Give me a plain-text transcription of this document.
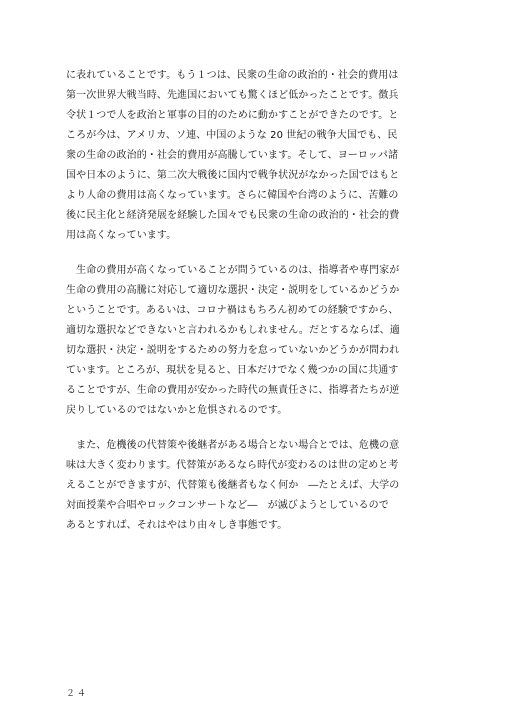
に表れていることです。もう１つは、民衆の生命の政治的・社会的費用は
第一次世界大戦当時、先進国においても驚くほど低かったことです。徴兵
令状１つで人を政治と軍事の目的のために動かすことができたのです。と
ころが今は、アメリカ、ソ連、中国のような 20 世紀の戦争大国でも、民
衆の生命の政治的・社会的費用が高騰しています。そして、ヨーロッパ諸
国や日本のように、第二次大戦後に国内で戦争状況がなかった国ではもと
より人命の費用は高くなっています。さらに韓国や台湾のように、苦難の
後に民主化と経済発展を経験した国々でも民衆の生命の政治的・社会的費
用は高くなっています。

　生命の費用が高くなっていることが問うているのは、指導者や専門家が
生命の費用の高騰に対応して適切な選択・決定・説明をしているかどうか
ということです。あるいは、コロナ禍はもちろん初めての経験ですから、
適切な選択などできないと言われるかもしれません。だとするならば、適
切な選択・決定・説明をするための努力を怠っていないかどうかが問われ
ています。ところが、現状を見ると、日本だけでなく幾つかの国に共通す
ることですが、生命の費用が安かった時代の無責任さに、指導者たちが逆
戻りしているのではないかと危惧されるのです。

　また、危機後の代替策や後継者がある場合とない場合とでは、危機の意
味は大きく変わります。代替策があるなら時代が変わるのは世の定めと考
えることができますが、代替策も後継者もなく何か　―たとえば、大学の
対面授業や合唱やロックコンサートなど―　が滅びようとしているので
あるとすれば、それはやはり由々しき事態です。

２４
